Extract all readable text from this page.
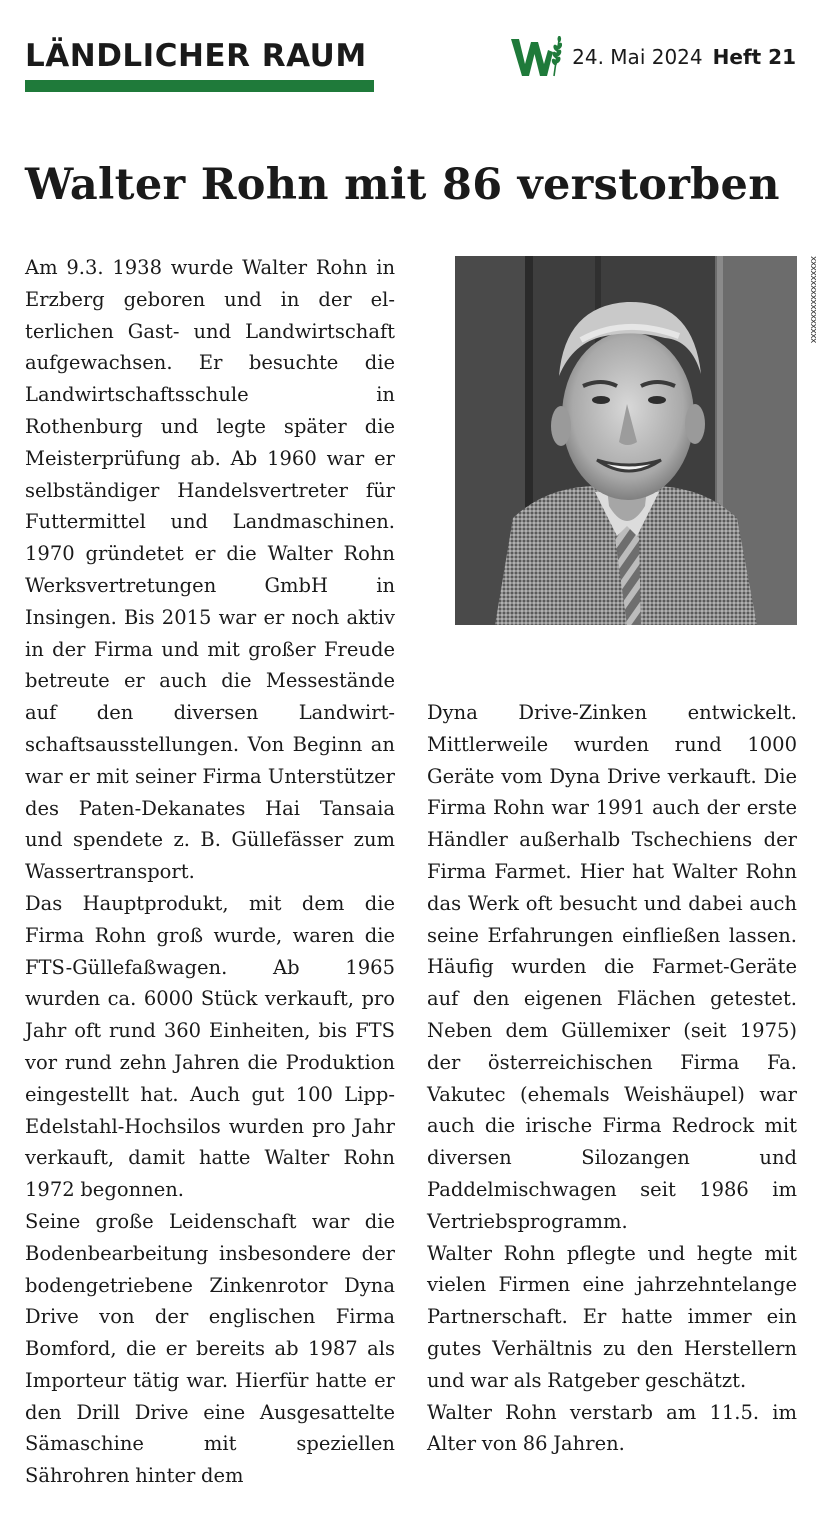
LÄNDLICHER RAUM	24. Mai 2024 Heft 21
Walter Rohn mit 86 verstorben

Am 9.3. 1938 wurde Walter Rohn in Erzberg geboren und in der elterlichen Gast- und Landwirtschaft aufgewachsen. Er besuchte die Landwirtschaftsschule in Rothenburg und legte später die Meisterprüfung ab. Ab 1960 war er selbständiger Handelsvertreter für Futtermittel und Landmaschinen. 1970 gründetet er die Walter Rohn Werksvertretungen GmbH in Insingen. Bis 2015 war er noch aktiv in der Firma und mit großer Freude betreute er auch die Messestände auf den diversen Landwirtschaftsausstellungen. Von Beginn an war er mit seiner Firma Unterstützer des Paten-Dekanates Hai Tansaia und spendete z. B. Güllefässer zum Wassertransport.

Das Hauptprodukt, mit dem die Firma Rohn groß wurde, waren die FTS-Güllefaßwagen. Ab 1965 wurden ca. 6000 Stück verkauft, pro Jahr oft rund 360 Einheiten, bis FTS vor rund zehn Jahren die Produktion eingestellt hat. Auch gut 100 Lipp-Edelstahl-Hochsilos wurden pro Jahr verkauft, damit hatte Walter Rohn 1972 begonnen.

Seine große Leidenschaft war die Bodenbearbeitung insbesondere der bodengetriebene Zinkenrotor Dyna Drive von der englischen Firma Bomford, die er bereits ab 1987 als Importeur tätig war. Hierfür hatte er den Drill Drive eine Ausgesattelte Sämaschine mit speziellen Sährohren hinter dem

xxxxxxxxxxxxxxxxxx

Dyna Drive-Zinken entwickelt. Mittlerweile wurden rund 1000 Geräte vom Dyna Drive verkauft. Die Firma Rohn war 1991 auch der erste Händler außerhalb Tschechiens der Firma Farmet. Hier hat Walter Rohn das Werk oft besucht und dabei auch seine Erfahrungen einfließen lassen. Häufig wurden die Farmet-Geräte auf den eigenen Flächen getestet. Neben dem Güllemixer (seit 1975) der österreichischen Firma Fa. Vakutec (ehemals Weishäupel) war auch die irische Firma Redrock mit diversen Silozangen und Paddelmischwagen seit 1986 im Vertriebsprogramm.

Walter Rohn pflegte und hegte mit vielen Firmen eine jahrzehntelange Partnerschaft. Er hatte immer ein gutes Verhältnis zu den Herstellern und war als Ratgeber geschätzt.

Walter Rohn verstarb am 11.5. im Alter von 86 Jahren.
